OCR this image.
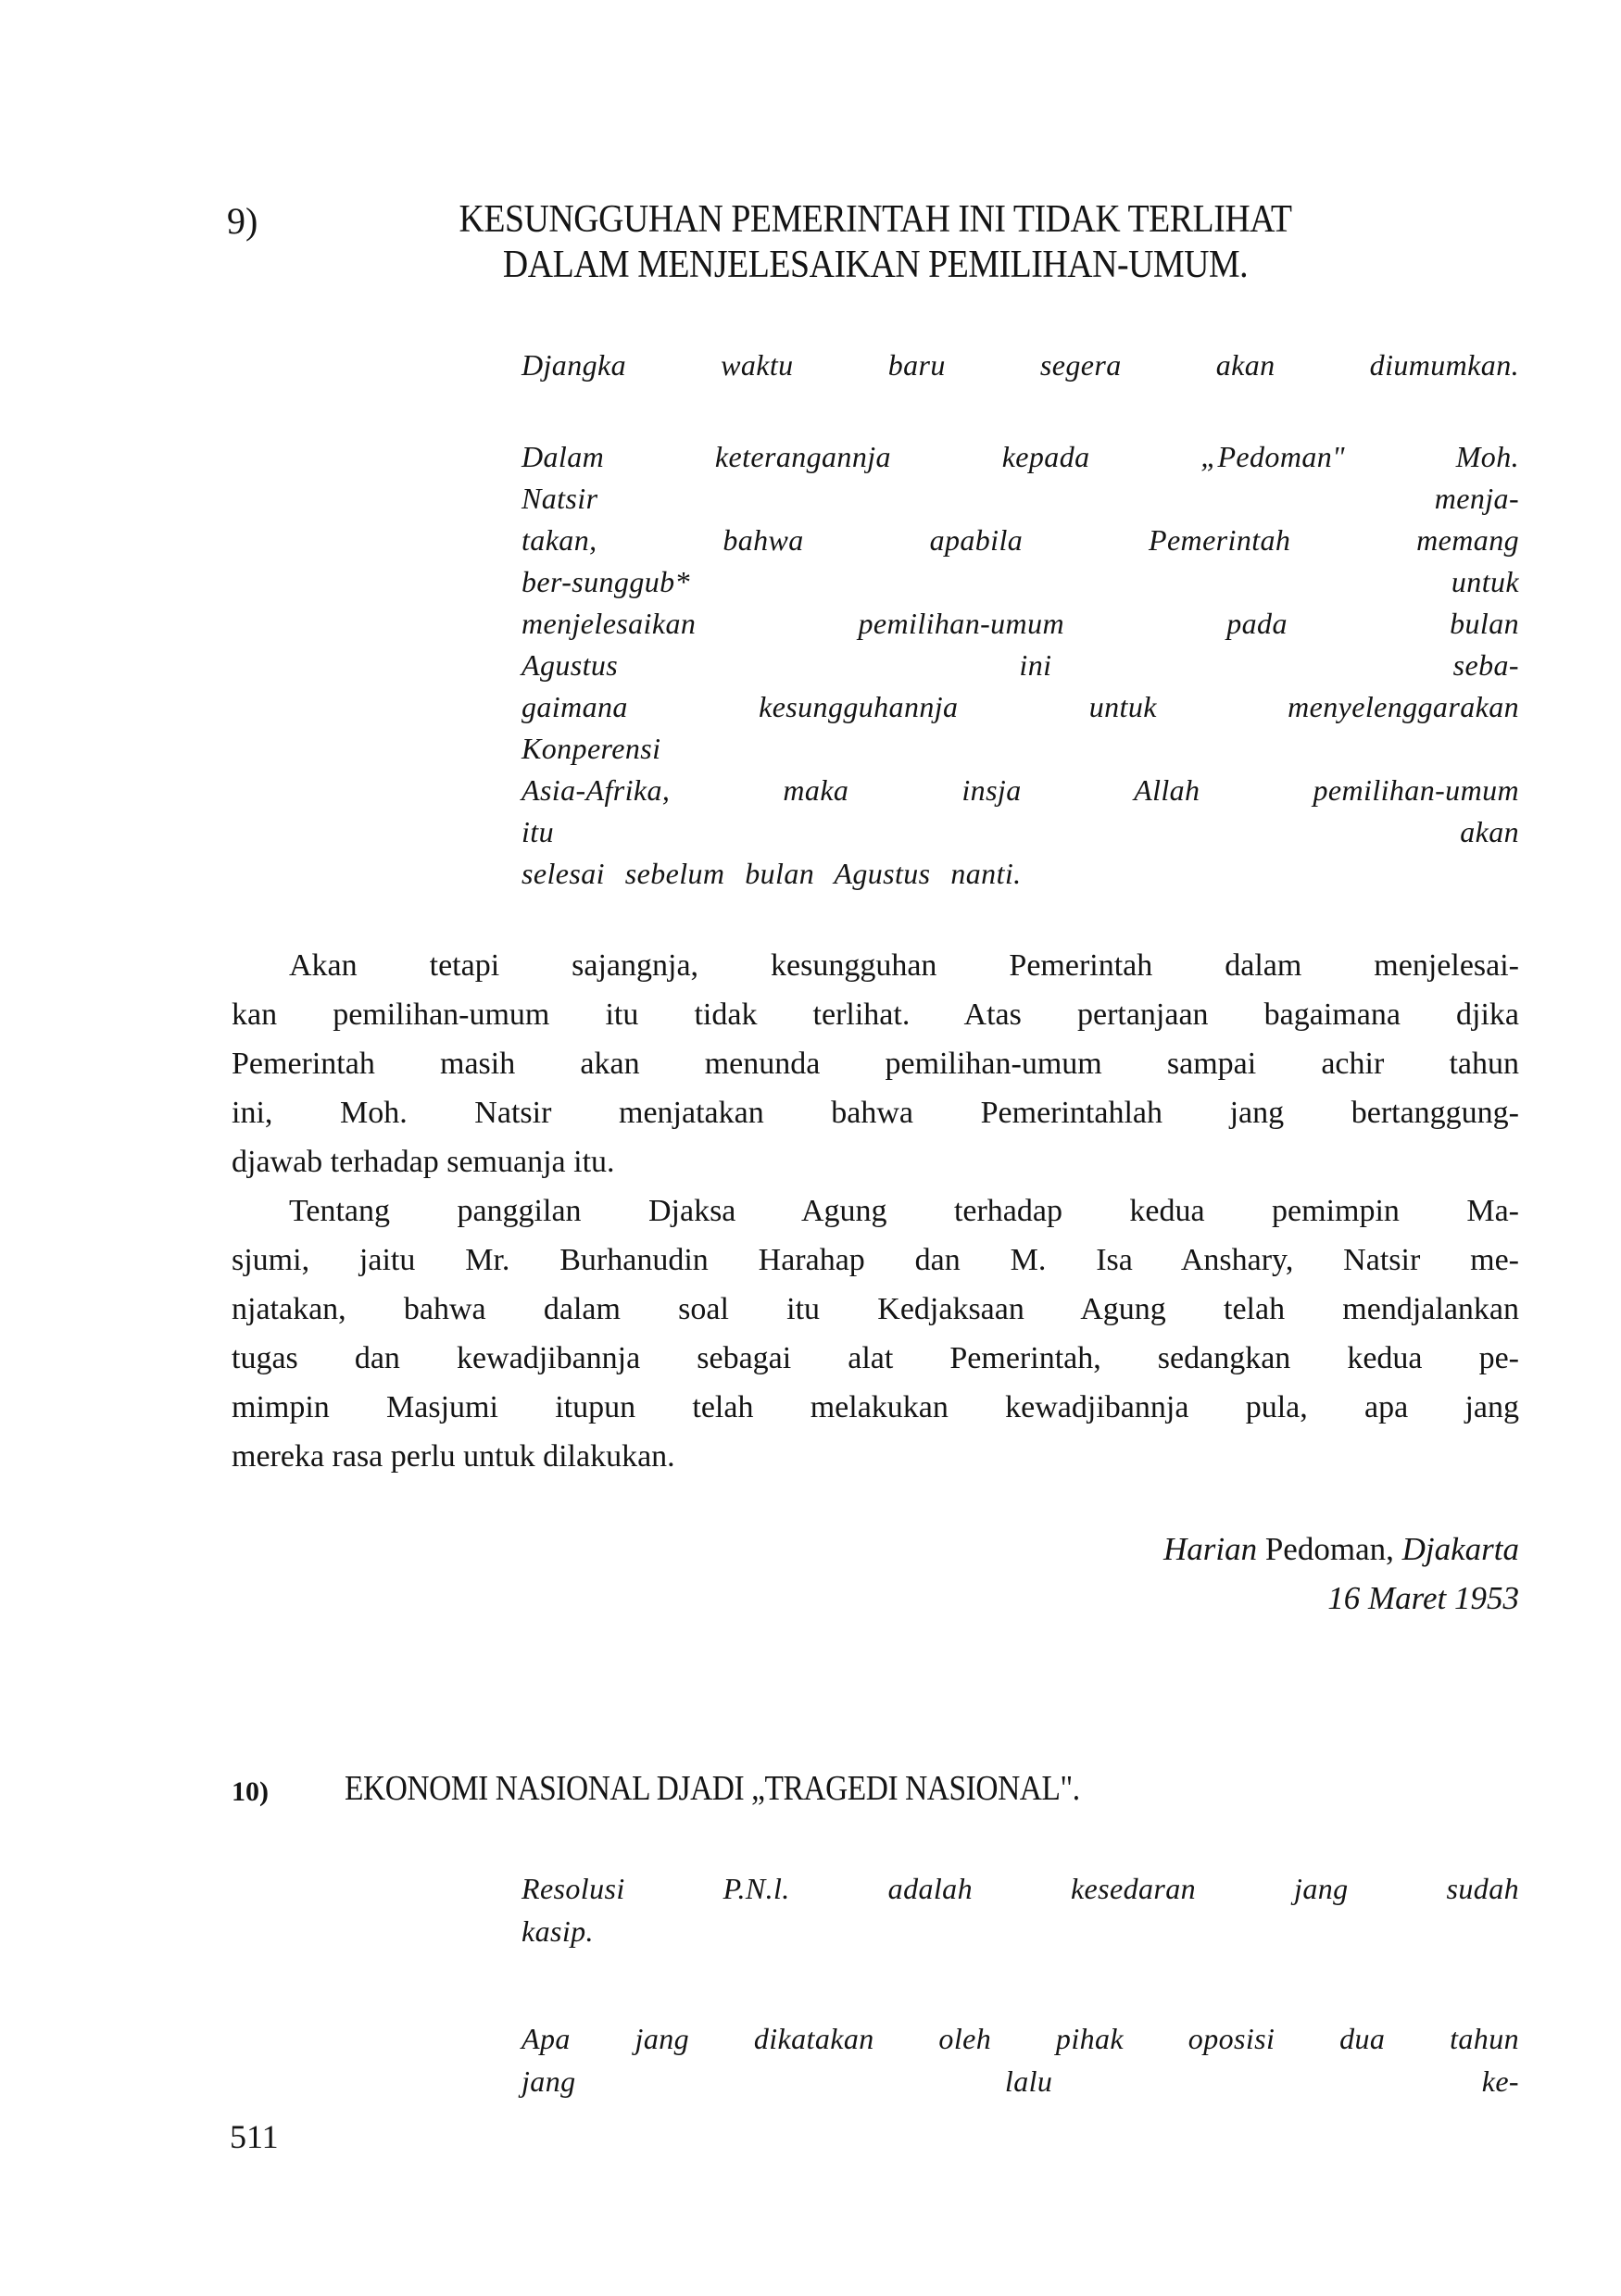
9)	KESUNGGUHAN PEMERINTAH INI TIDAK TERLIHAT
DALAM MENJELESAIKAN PEMILIHAN-UMUM.
Djangka waktu baru segera akan diumumkan.
Dalam keterangannja kepada „Pedoman" Moh.
Natsir menja-
takan, bahwa apabila Pemerintah memang
ber-sunggub* untuk
menjelesaikan pemilihan-umum pada bulan
Agustus ini seba-
gaimana kesungguhannja untuk menyelenggarakan
Konperensi
Asia-Afrika, maka insja Allah pemilihan-umum
itu akan
selesai sebelum bulan Agustus nanti.
Akan tetapi sajangnja, kesungguhan Pemerintah dalam menjelesai-
kan pemilihan-umum itu tidak terlihat. Atas pertanjaan bagaimana djika
Pemerintah masih akan menunda pemilihan-umum sampai achir tahun
ini, Moh. Natsir menjatakan bahwa Pemerintahlah jang bertanggung-
djawab terhadap semuanja itu.
Tentang panggilan Djaksa Agung terhadap kedua pemimpin Ma-
sjumi, jaitu Mr. Burhanudin Harahap dan M. Isa Anshary, Natsir me-
njatakan, bahwa dalam soal itu Kedjaksaan Agung telah mendjalankan
tugas dan kewadjibannja sebagai alat Pemerintah, sedangkan kedua pe-
mimpin Masjumi itupun telah melakukan kewadjibannja pula, apa jang
mereka rasa perlu untuk dilakukan.
Harian Pedoman, Djakarta
16 Maret 1953
10) EKONOMI NASIONAL DJADI „TRAGEDI NASIONAL".
Resolusi P.N.l. adalah kesedaran jang sudah
kasip.
Apa jang dikatakan oleh pihak oposisi dua tahun
jang lalu ke-
511
